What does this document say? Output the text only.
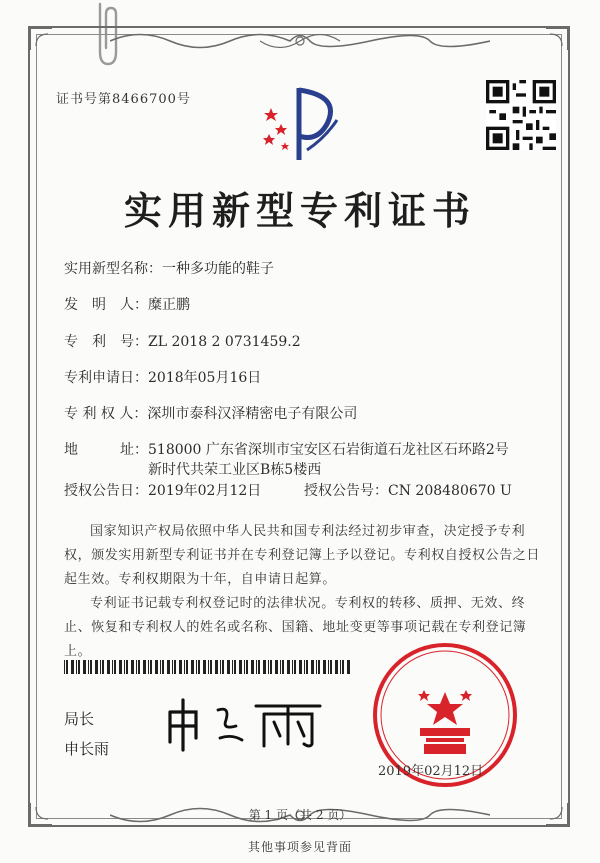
证书号第8466700号
实用新型专利证书
实用新型名称：一种多功能的鞋子
发　明　人：糜正鹏
专　利　号：ZL 2018 2 0731459.2
专利申请日：2018年05月16日
专 利 权 人：深圳市泰科汉泽精密电子有限公司
地　　　址：518000 广东省深圳市宝安区石岩街道石龙社区石环路2号
新时代共荣工业区B栋5楼西
授权公告日：2019年02月12日	授权公告号：CN 208480670 U
国家知识产权局依照中华人民共和国专利法经过初步审查，决定授予专利权，颁发实用新型专利证书并在专利登记簿上予以登记。专利权自授权公告之日起生效。专利权期限为十年，自申请日起算。
专利证书记载专利权登记时的法律状况。专利权的转移、质押、无效、终止、恢复和专利权人的姓名或名称、国籍、地址变更等事项记载在专利登记簿上。
局长
申长雨
2019年02月12日
第 1 页（共 2 页）
其他事项参见背面
